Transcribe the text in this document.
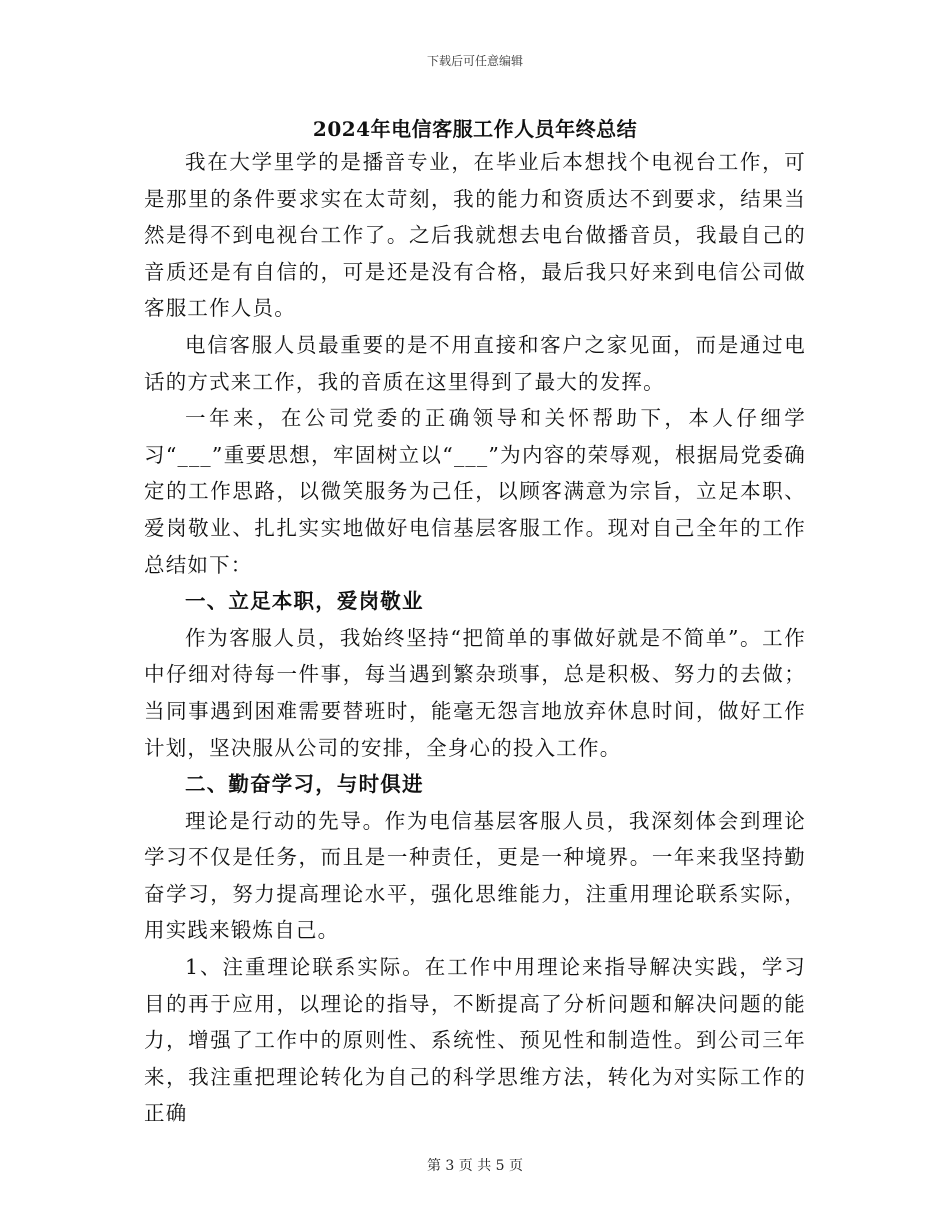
下载后可任意编辑
2024年电信客服工作人员年终总结

我在大学里学的是播音专业，在毕业后本想找个电视台工作，可是那里的条件要求实在太苛刻，我的能力和资质达不到要求，结果当然是得不到电视台工作了。之后我就想去电台做播音员，我最自己的音质还是有自信的，可是还是没有合格，最后我只好来到电信公司做客服工作人员。

电信客服人员最重要的是不用直接和客户之家见面，而是通过电话的方式来工作，我的音质在这里得到了最大的发挥。

一年来，在公司党委的正确领导和关怀帮助下，本人仔细学习“___”重要思想，牢固树立以“___”为内容的荣辱观，根据局党委确定的工作思路，以微笑服务为己任，以顾客满意为宗旨，立足本职、爱岗敬业、扎扎实实地做好电信基层客服工作。现对自己全年的工作总结如下：

一、立足本职，爱岗敬业

作为客服人员，我始终坚持“把简单的事做好就是不简单”。工作中仔细对待每一件事，每当遇到繁杂琐事，总是积极、努力的去做；当同事遇到困难需要替班时，能毫无怨言地放弃休息时间，做好工作计划，坚决服从公司的安排，全身心的投入工作。

二、勤奋学习，与时俱进

理论是行动的先导。作为电信基层客服人员，我深刻体会到理论学习不仅是任务，而且是一种责任，更是一种境界。一年来我坚持勤奋学习，努力提高理论水平，强化思维能力，注重用理论联系实际，用实践来锻炼自己。

1、注重理论联系实际。在工作中用理论来指导解决实践，学习目的再于应用，以理论的指导，不断提高了分析问题和解决问题的能力，增强了工作中的原则性、系统性、预见性和制造性。到公司三年来，我注重把理论转化为自己的科学思维方法，转化为对实际工作的正确

第 3 页 共 5 页
